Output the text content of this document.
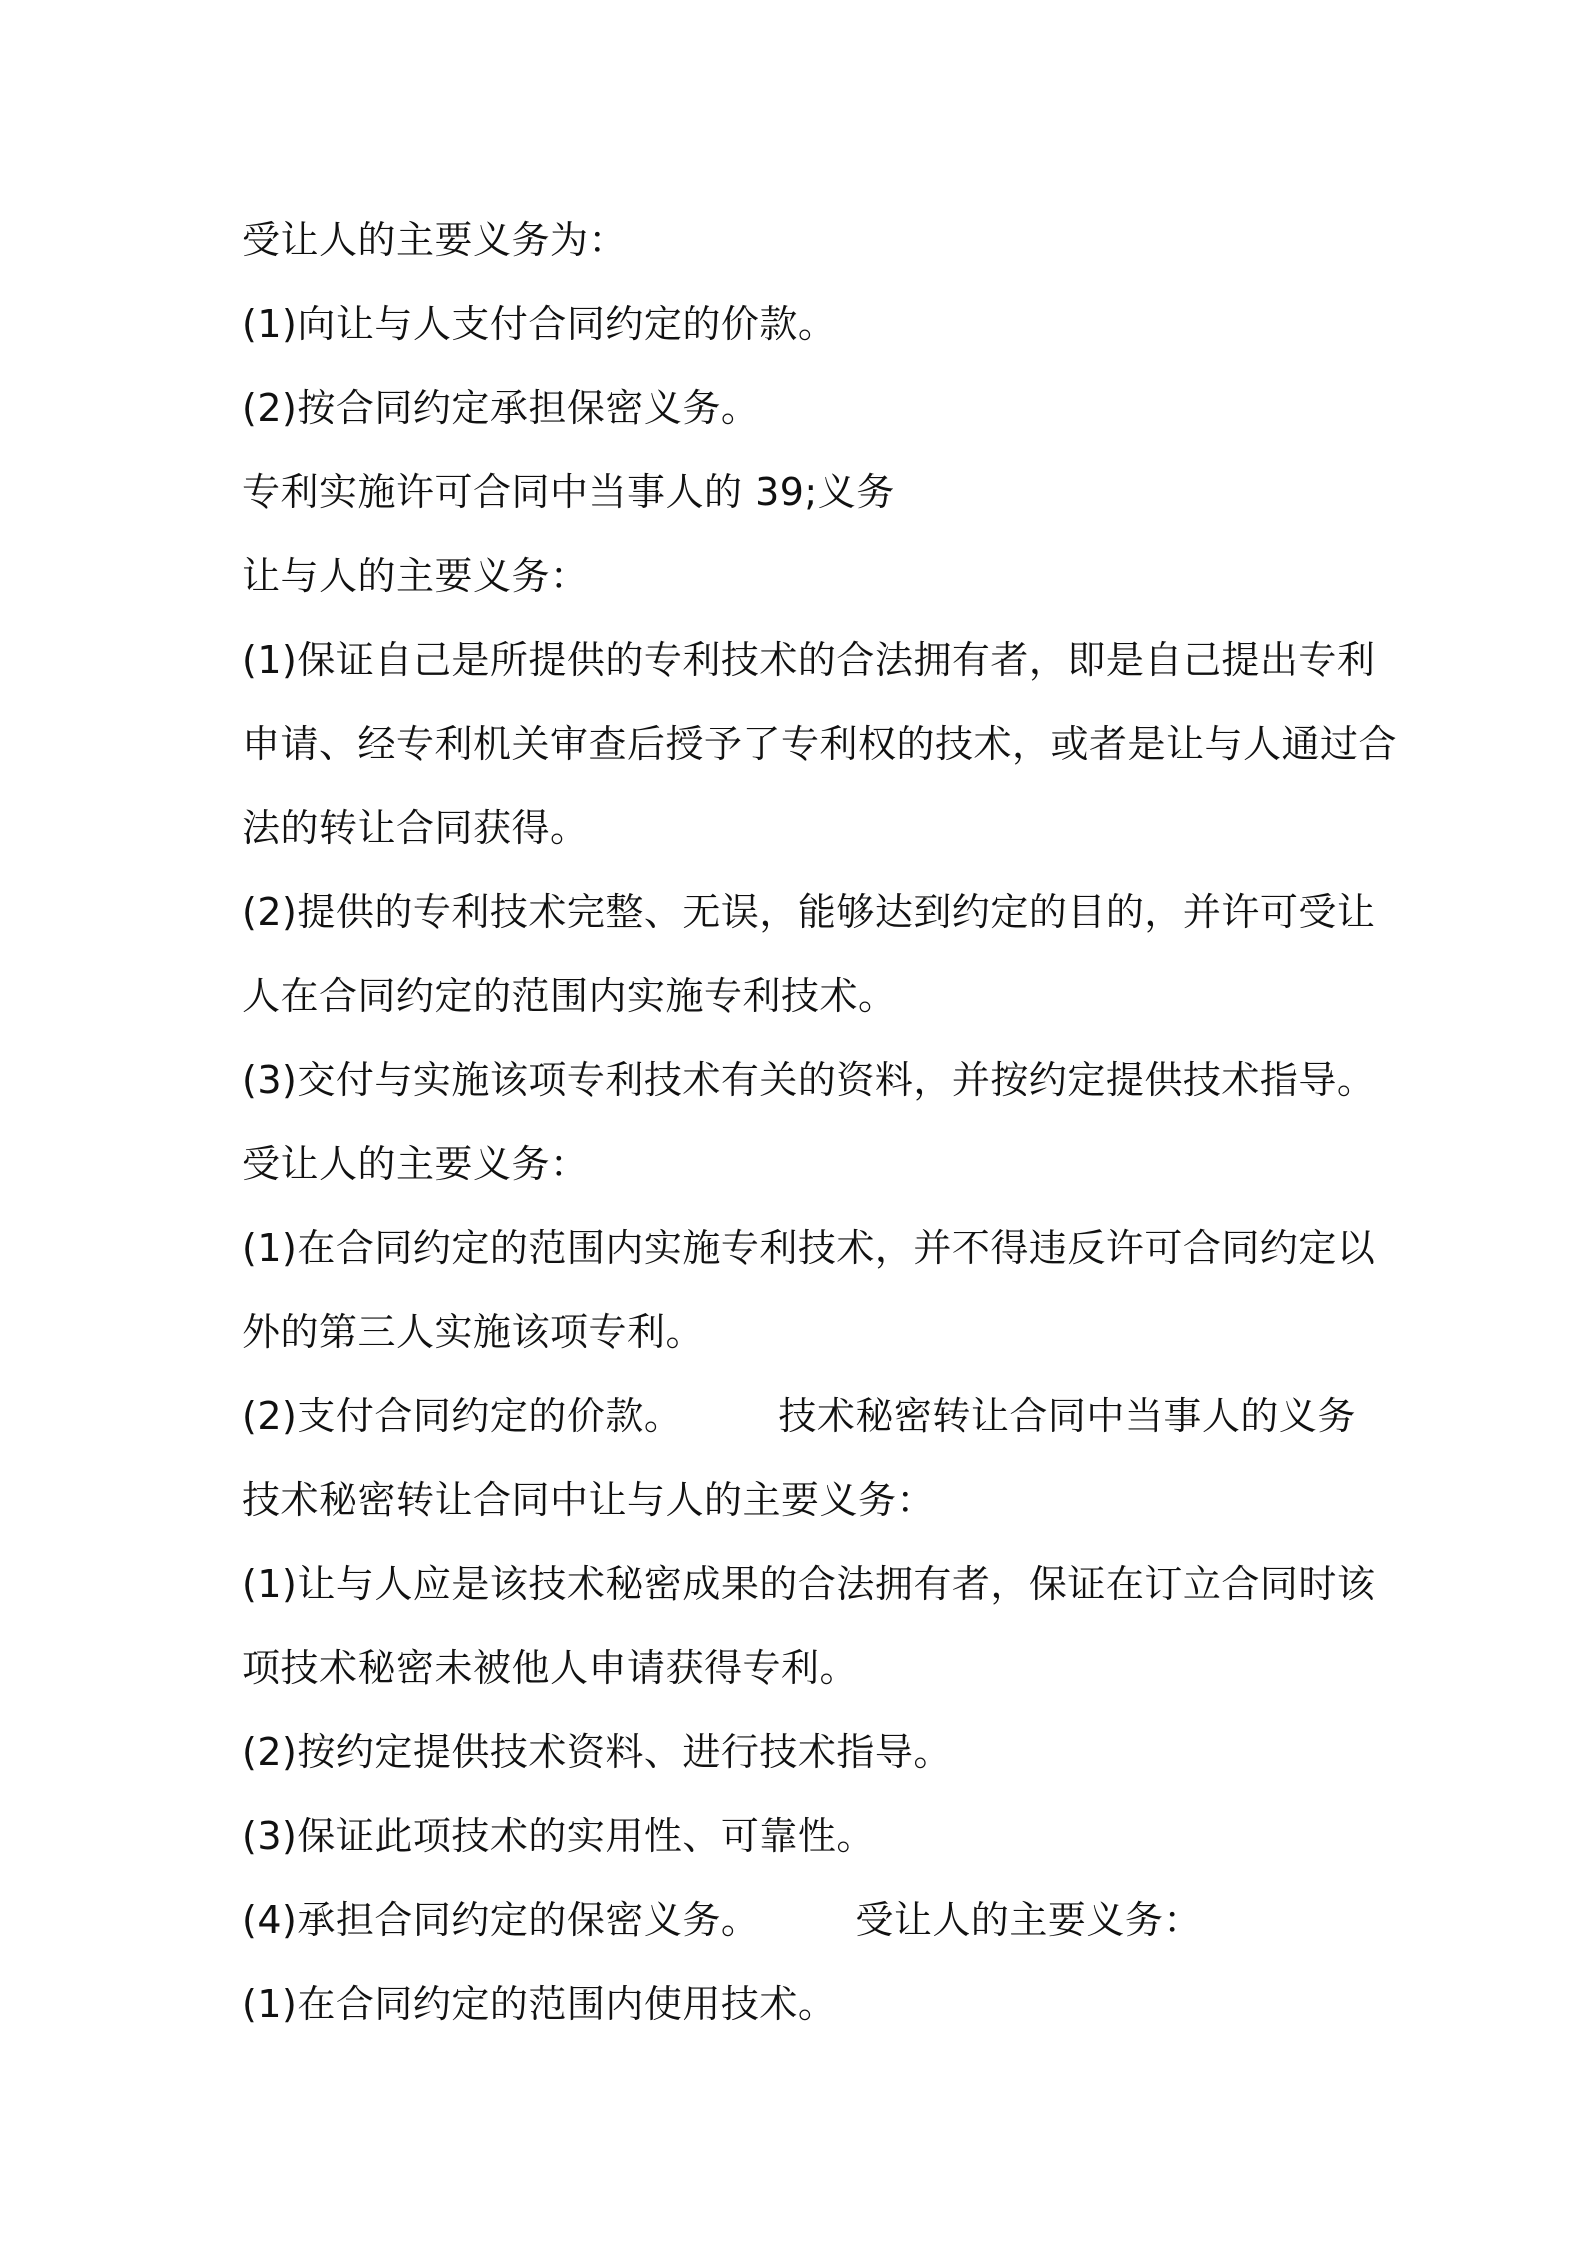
受让人的主要义务为：
(1)向让与人支付合同约定的价款。
(2)按合同约定承担保密义务。
专利实施许可合同中当事人的 39;义务
让与人的主要义务：
(1)保证自己是所提供的专利技术的合法拥有者，即是自己提出专利
申请、经专利机关审查后授予了专利权的技术，或者是让与人通过合
法的转让合同获得。
(2)提供的专利技术完整、无误，能够达到约定的目的，并许可受让
人在合同约定的范围内实施专利技术。
(3)交付与实施该项专利技术有关的资料，并按约定提供技术指导。
受让人的主要义务：
(1)在合同约定的范围内实施专利技术，并不得违反许可合同约定以
外的第三人实施该项专利。
(2)支付合同约定的价款。	技术秘密转让合同中当事人的义务
技术秘密转让合同中让与人的主要义务：
(1)让与人应是该技术秘密成果的合法拥有者，保证在订立合同时该
项技术秘密未被他人申请获得专利。
(2)按约定提供技术资料、进行技术指导。
(3)保证此项技术的实用性、可靠性。
(4)承担合同约定的保密义务。	受让人的主要义务：
(1)在合同约定的范围内使用技术。
